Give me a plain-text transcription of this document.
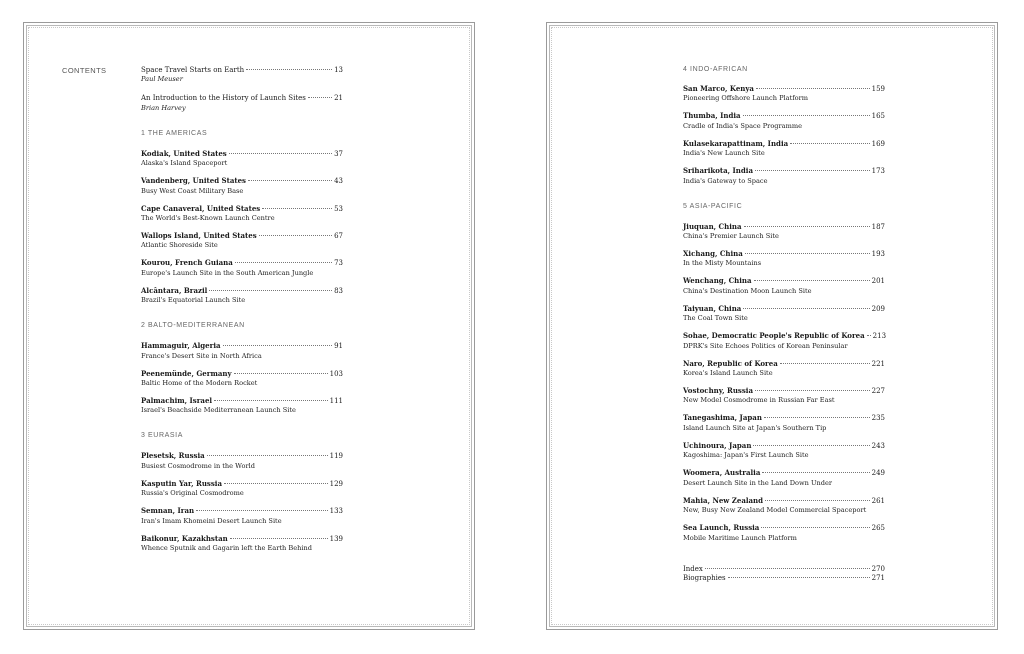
CONTENTS	Space Travel Starts on Earth	13
Paul Meuser
An Introduction to the History of Launch Sites	21
Brian Harvey
1 THE AMERICAS
Kodiak, United States	37
Alaska's Island Spaceport
Vandenberg, United States	43
Busy West Coast Military Base
Cape Canaveral, United States	53
The World's Best-Known Launch Centre
Wallops Island, United States	67
Atlantic Shoreside Site
Kourou, French Guiana	73
Europe's Launch Site in the South American Jungle
Alcântara, Brazil	83
Brazil's Equatorial Launch Site
2 BALTO-MEDITERRANEAN
Hammaguir, Algeria	91
France's Desert Site in North Africa
Peenemünde, Germany	103
Baltic Home of the Modern Rocket
Palmachim, Israel	111
Israel's Beachside Mediterranean Launch Site
3 EURASIA
Plesetsk, Russia	119
Busiest Cosmodrome in the World
Kasputin Yar, Russia	129
Russia's Original Cosmodrome
Semnan, Iran	133
Iran's Imam Khomeini Desert Launch Site
Baikonur, Kazakhstan	139
Whence Sputnik and Gagarin left the Earth Behind
4 INDO-AFRICAN
San Marco, Kenya	159
Pioneering Offshore Launch Platform
Thumba, India	165
Cradle of India's Space Programme
Kulasekarapattinam, India	169
India's New Launch Site
Sriharikota, India	173
India's Gateway to Space
5 ASIA-PACIFIC
Jiuquan, China	187
China's Premier Launch Site
Xichang, China	193
In the Misty Mountains
Wenchang, China	201
China's Destination Moon Launch Site
Taiyuan, China	209
The Coal Town Site
Sohae, Democratic People's Republic of Korea 213
DPRK's Site Echoes Politics of Korean Peninsular
Naro, Republic of Korea	221
Korea's Island Launch Site
Vostochny, Russia	227
New Model Cosmodrome in Russian Far East
Tanegashima, Japan	235
Island Launch Site at Japan's Southern Tip
Uchinoura, Japan	243
Kagoshima: Japan's First Launch Site
Woomera, Australia	249
Desert Launch Site in the Land Down Under
Mahia, New Zealand	261
New, Busy New Zealand Model Commercial Spaceport
Sea Launch, Russia	265
Mobile Maritime Launch Platform
Index	270
Biographies	271
